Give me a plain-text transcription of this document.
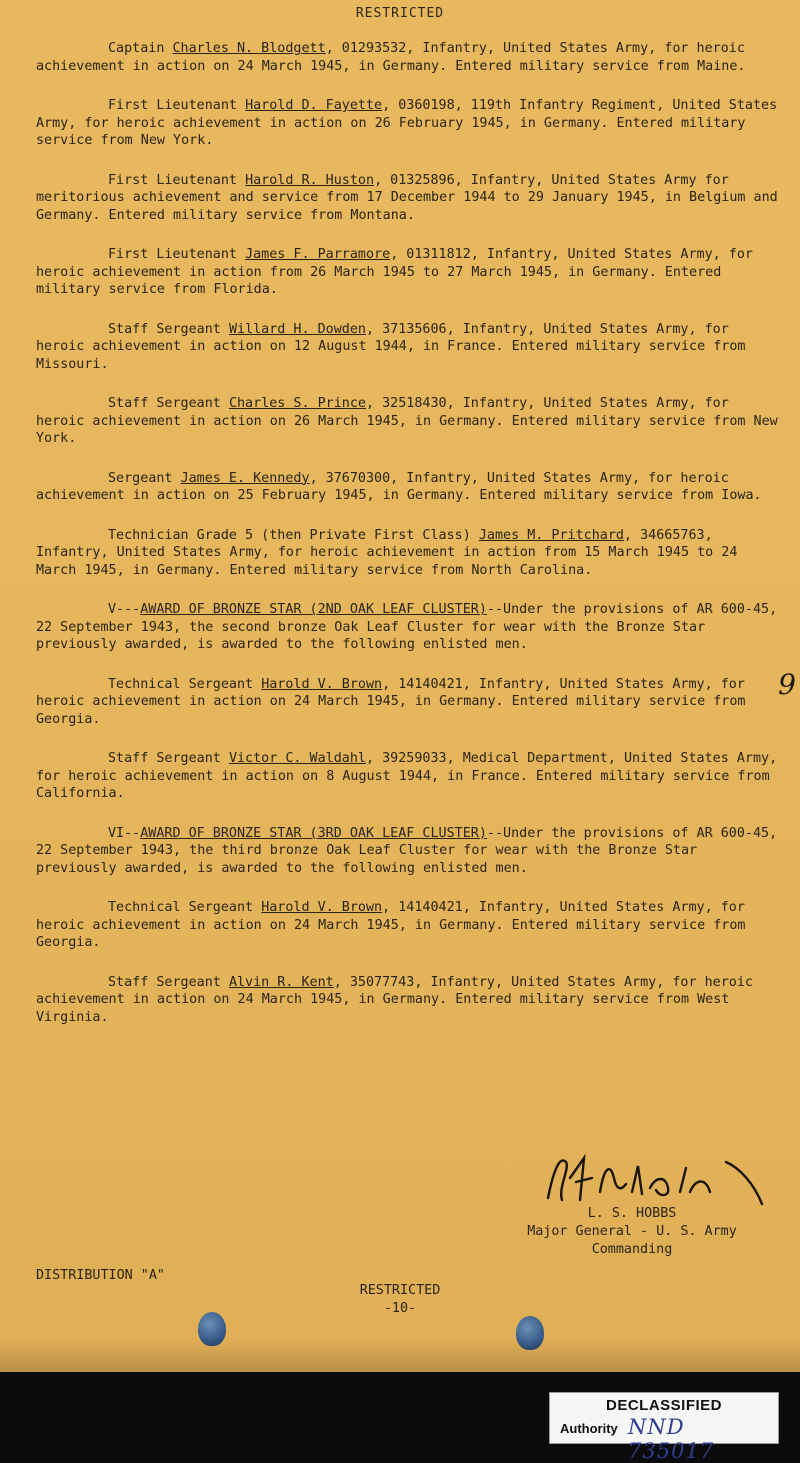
RESTRICTED

Captain Charles N. Blodgett, 01293532, Infantry, United States Army, for heroic achievement in action on 24 March 1945, in Germany. Entered military service from Maine.

First Lieutenant Harold D. Fayette, 0360198, 119th Infantry Regiment, United States Army, for heroic achievement in action on 26 February 1945, in Germany. Entered military service from New York.

First Lieutenant Harold R. Huston, 01325896, Infantry, United States Army for meritorious achievement and service from 17 December 1944 to 29 January 1945, in Belgium and Germany. Entered military service from Montana.

First Lieutenant James F. Parramore, 01311812, Infantry, United States Army, for heroic achievement in action from 26 March 1945 to 27 March 1945, in Germany. Entered military service from Florida.

Staff Sergeant Willard H. Dowden, 37135606, Infantry, United States Army, for heroic achievement in action on 12 August 1944, in France. Entered military service from Missouri.

Staff Sergeant Charles S. Prince, 32518430, Infantry, United States Army, for heroic achievement in action on 26 March 1945, in Germany. Entered military service from New York.

Sergeant James E. Kennedy, 37670300, Infantry, United States Army, for heroic achievement in action on 25 February 1945, in Germany. Entered military service from Iowa.

Technician Grade 5 (then Private First Class) James M. Pritchard, 34665763, Infantry, United States Army, for heroic achievement in action from 15 March 1945 to 24 March 1945, in Germany. Entered military service from North Carolina.

V---AWARD OF BRONZE STAR (2ND OAK LEAF CLUSTER)--Under the provisions of AR 600-45, 22 September 1943, the second bronze Oak Leaf Cluster for wear with the Bronze Star previously awarded, is awarded to the following enlisted men.

Technical Sergeant Harold V. Brown, 14140421, Infantry, United States Army, for heroic achievement in action on 24 March 1945, in Germany. Entered military service from Georgia.

Staff Sergeant Victor C. Waldahl, 39259033, Medical Department, United States Army, for heroic achievement in action on 8 August 1944, in France. Entered military service from California.

VI--AWARD OF BRONZE STAR (3RD OAK LEAF CLUSTER)--Under the provisions of AR 600-45, 22 September 1943, the third bronze Oak Leaf Cluster for wear with the Bronze Star previously awarded, is awarded to the following enlisted men.

Technical Sergeant Harold V. Brown, 14140421, Infantry, United States Army, for heroic achievement in action on 24 March 1945, in Germany. Entered military service from Georgia.

Staff Sergeant Alvin R. Kent, 35077743, Infantry, United States Army, for heroic achievement in action on 24 March 1945, in Germany. Entered military service from West Virginia.

9
L. S. HOBBS
Major General - U. S. Army
Commanding
DISTRIBUTION "A"
RESTRICTED
-10-
DECLASSIFIED
Authority NND 735017
